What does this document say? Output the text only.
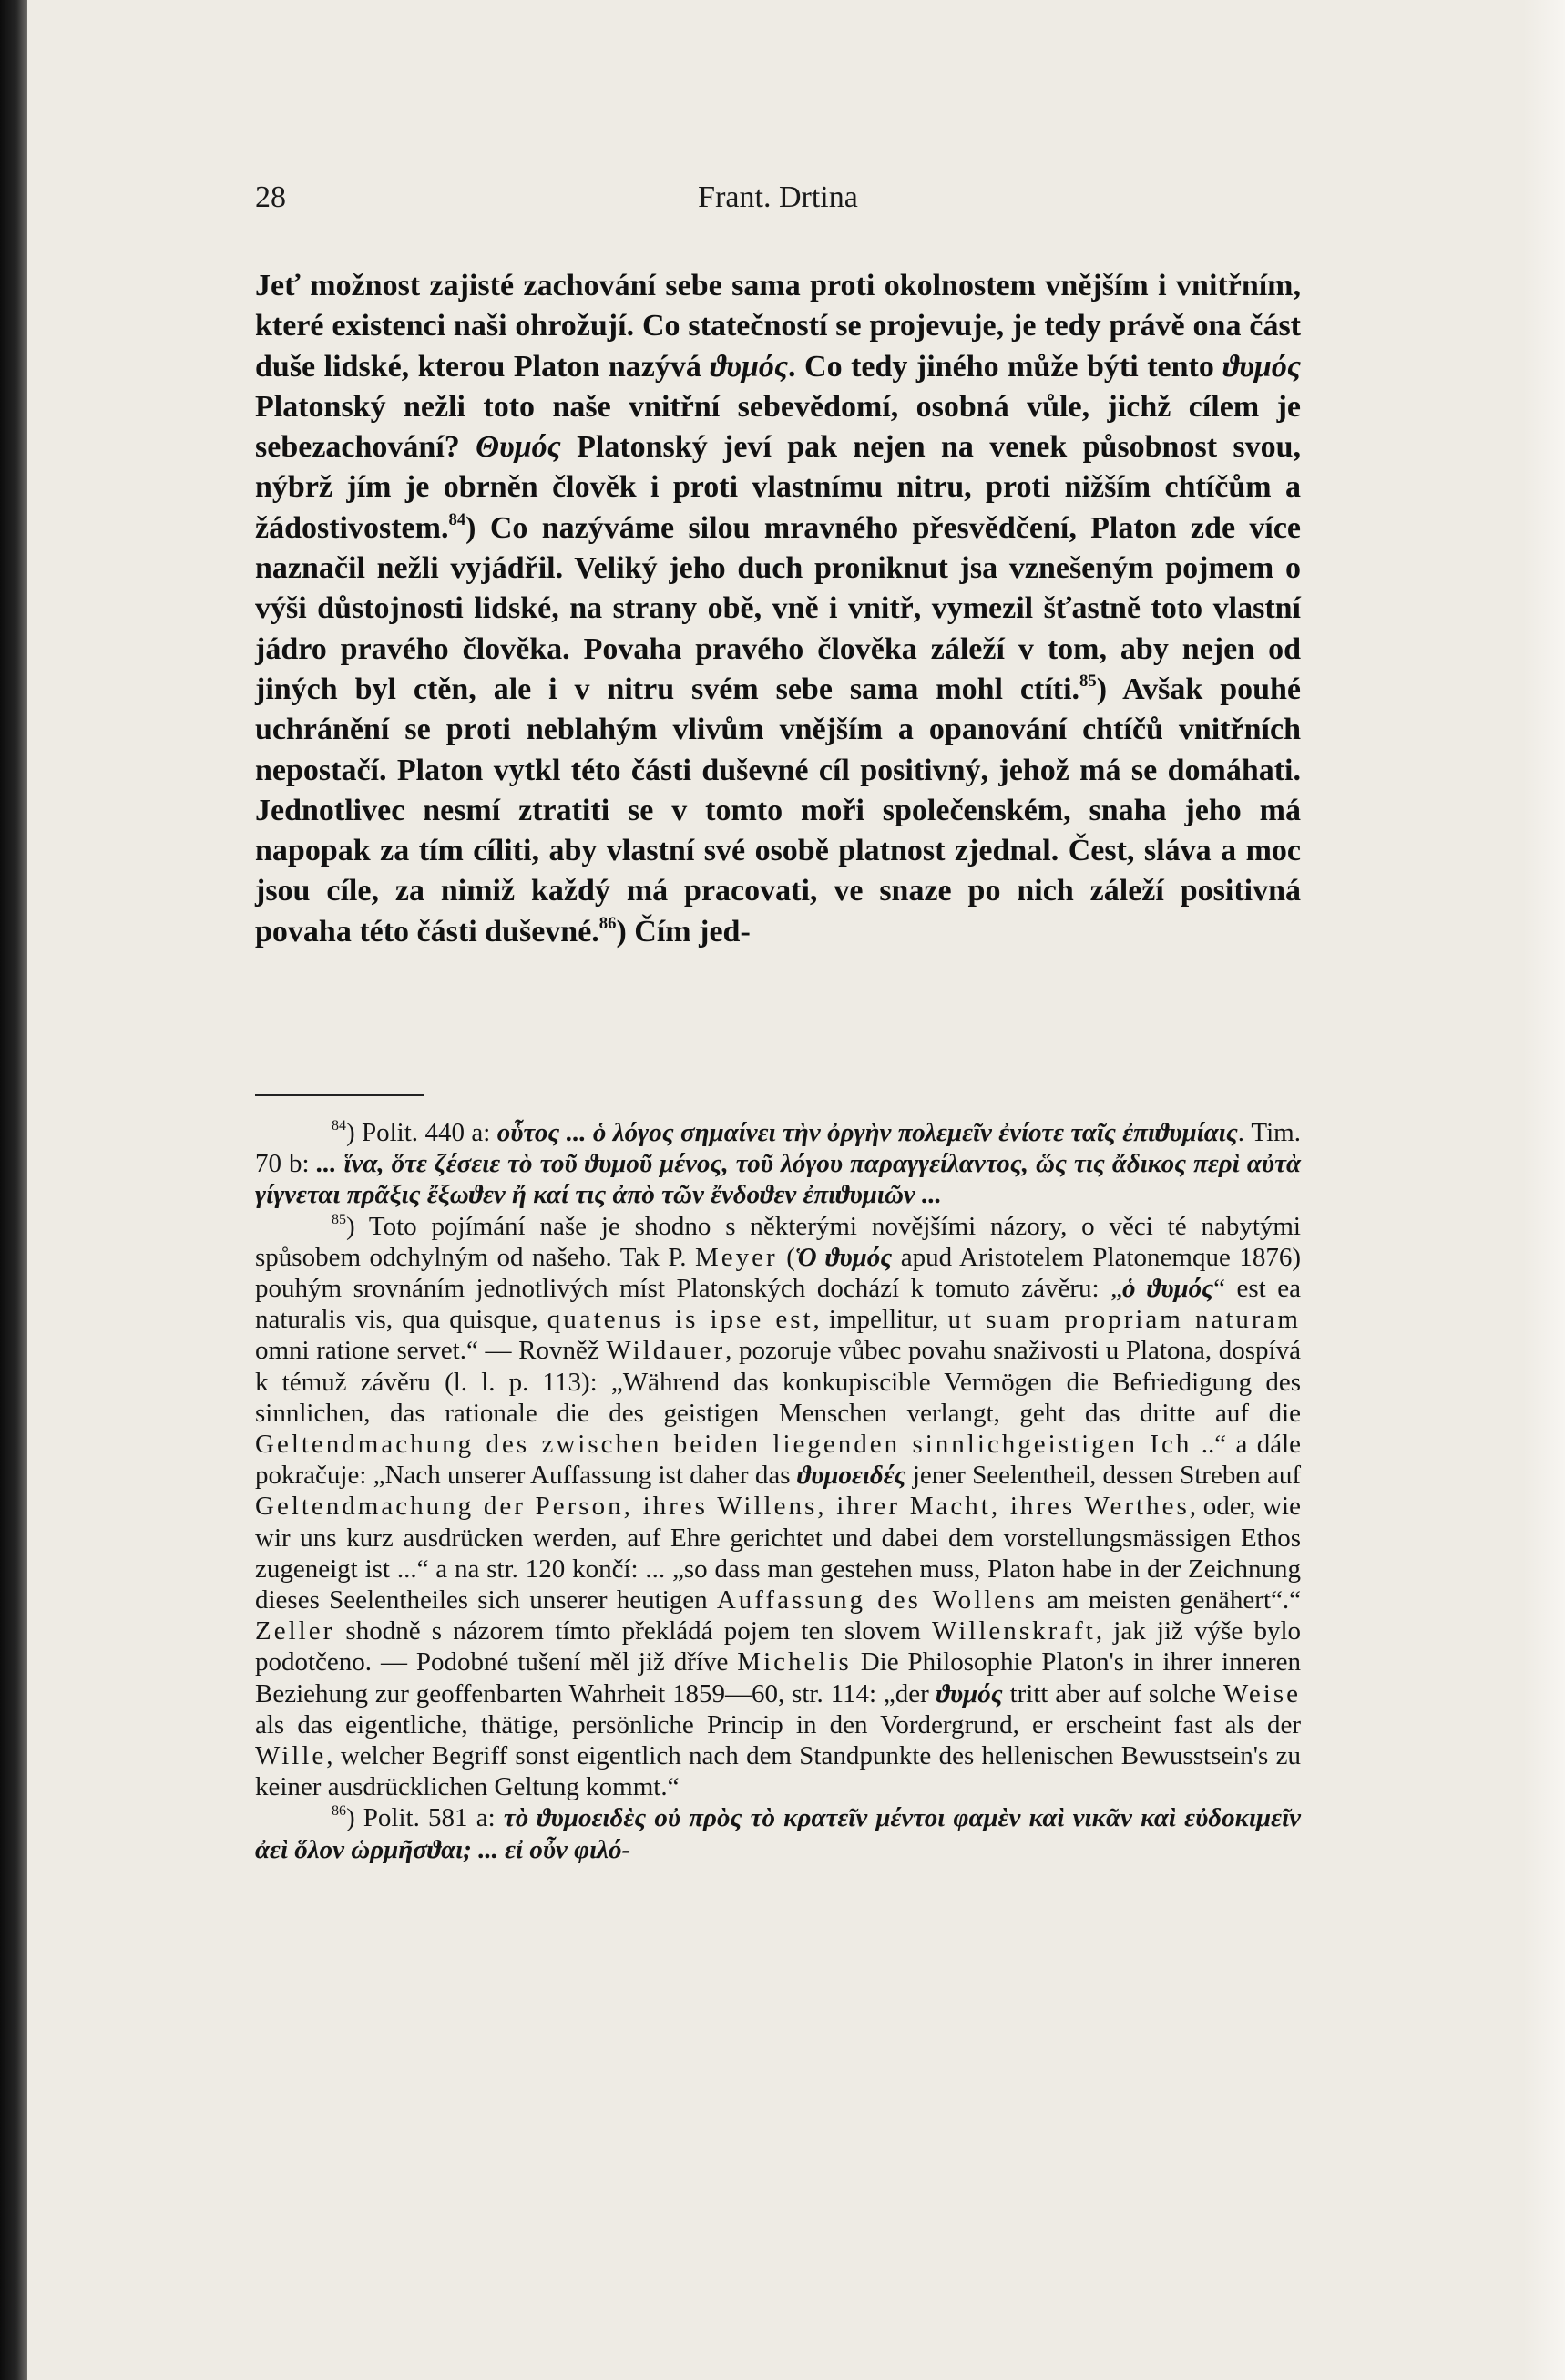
28	Frant. Drtina

Jeť možnost zajisté zachování sebe sama proti okolnostem vnějším i vnitřním, které existenci naši ohrožují. Co statečností se projevuje, je tedy právě ona část duše lidské, kterou Platon nazývá ϑυμός. Co tedy jiného může býti tento ϑυμός Platonský nežli toto naše vnitřní sebevědomí, osobná vůle, jichž cílem je sebezachování? Θυμός Platonský jeví pak nejen na venek působnost svou, nýbrž jím je obrněn člověk i proti vlastnímu nitru, proti nižším chtíčům a žádostivostem.$^{84}$) Co nazýváme silou mravného přesvědčení, Platon zde více naznačil nežli vyjádřil. Veliký jeho duch proniknut jsa vznešeným pojmem o výši důstojnosti lidské, na strany obě, vně i vnitř, vymezil šťastně toto vlastní jádro pravého člověka. Povaha pravého člověka záleží v tom, aby nejen od jiných byl ctěn, ale i v nitru svém sebe sama mohl ctíti.$^{85}$) Avšak pouhé uchránění se proti neblahým vlivům vnějším a opanování chtíčů vnitřních nepostačí. Platon vytkl této části duševné cíl positivný, jehož má se domáhati. Jednotlivec nesmí ztratiti se v tomto moři společenském, snaha jeho má napopak za tím cíliti, aby vlastní své osobě platnost zjednal. Čest, sláva a moc jsou cíle, za nimiž každý má pracovati, ve snaze po nich záleží positivná povaha této části duševné.$^{86}$) Čím jed-

$^{84}$) Polit. 440 a: οὗτος ... ὁ λόγος σημαίνει τὴν ὀργὴν πολεμεῖν ἐνίοτε ταῖς ἐπιϑυμίαις. Tim. 70 b: ... ἵνα, ὅτε ζέσειε τὸ τοῦ ϑυμοῦ μένος, τοῦ λόγου παραγγείλαντος, ὥς τις ἄδικος περὶ αὐτὰ γίγνεται πρᾶξις ἔξωϑεν ἤ καί τις ἀπὸ τῶν ἔνδοϑεν ἐπιϑυμιῶν ...

$^{85}$) Toto pojímání naše je shodno s některými novějšími názory, o věci té nabytými spůsobem odchylným od našeho. Tak P. Meyer (Ὁ ϑυμός apud Aristotelem Platonemque 1876) pouhým srovnáním jednotlivých míst Platonských dochází k tomuto závěru: „ὁ ϑυμός“ est ea naturalis vis, qua quisque, quatenus is ipse est, impellitur, ut suam propriam naturam omni ratione servet.“ — Rovněž Wildauer, pozoruje vůbec povahu snaživosti u Platona, dospívá k témuž závěru (l. l. p. 113): „Während das konkupiscible Vermögen die Befriedigung des sinnlichen, das rationale die des geistigen Menschen verlangt, geht das dritte auf die Geltendmachung des zwischen beiden liegenden sinnlichgeistigen Ich ..“ a dále pokračuje: „Nach unserer Auffassung ist daher das ϑυμοειδές jener Seelentheil, dessen Streben auf Geltendmachung der Person, ihres Willens, ihrer Macht, ihres Werthes, oder, wie wir uns kurz ausdrücken werden, auf Ehre gerichtet und dabei dem vorstellungsmässigen Ethos zugeneigt ist ...“ a na str. 120 končí: ... „so dass man gestehen muss, Platon habe in der Zeichnung dieses Seelentheiles sich unserer heutigen Auffassung des Wollens am meisten genähert“.“ Zeller shodně s názorem tímto překládá pojem ten slovem Willenskraft, jak již výše bylo podotčeno. — Podobné tušení měl již dříve Michelis Die Philosophie Platon's in ihrer inneren Beziehung zur geoffenbarten Wahrheit 1859—60, str. 114: „der ϑυμός tritt aber auf solche Weise als das eigentliche, thätige, persönliche Princip in den Vordergrund, er erscheint fast als der Wille, welcher Begriff sonst eigentlich nach dem Standpunkte des hellenischen Bewusstsein's zu keiner ausdrücklichen Geltung kommt.“

$^{86}$) Polit. 581 a: τὸ ϑυμοειδὲς οὐ πρὸς τὸ κρατεῖν μέντοι φαμὲν καὶ νικᾶν καὶ εὐδοκιμεῖν ἀεὶ ὅλον ὡρμῆσϑαι; ... εἰ οὖν φιλό-
